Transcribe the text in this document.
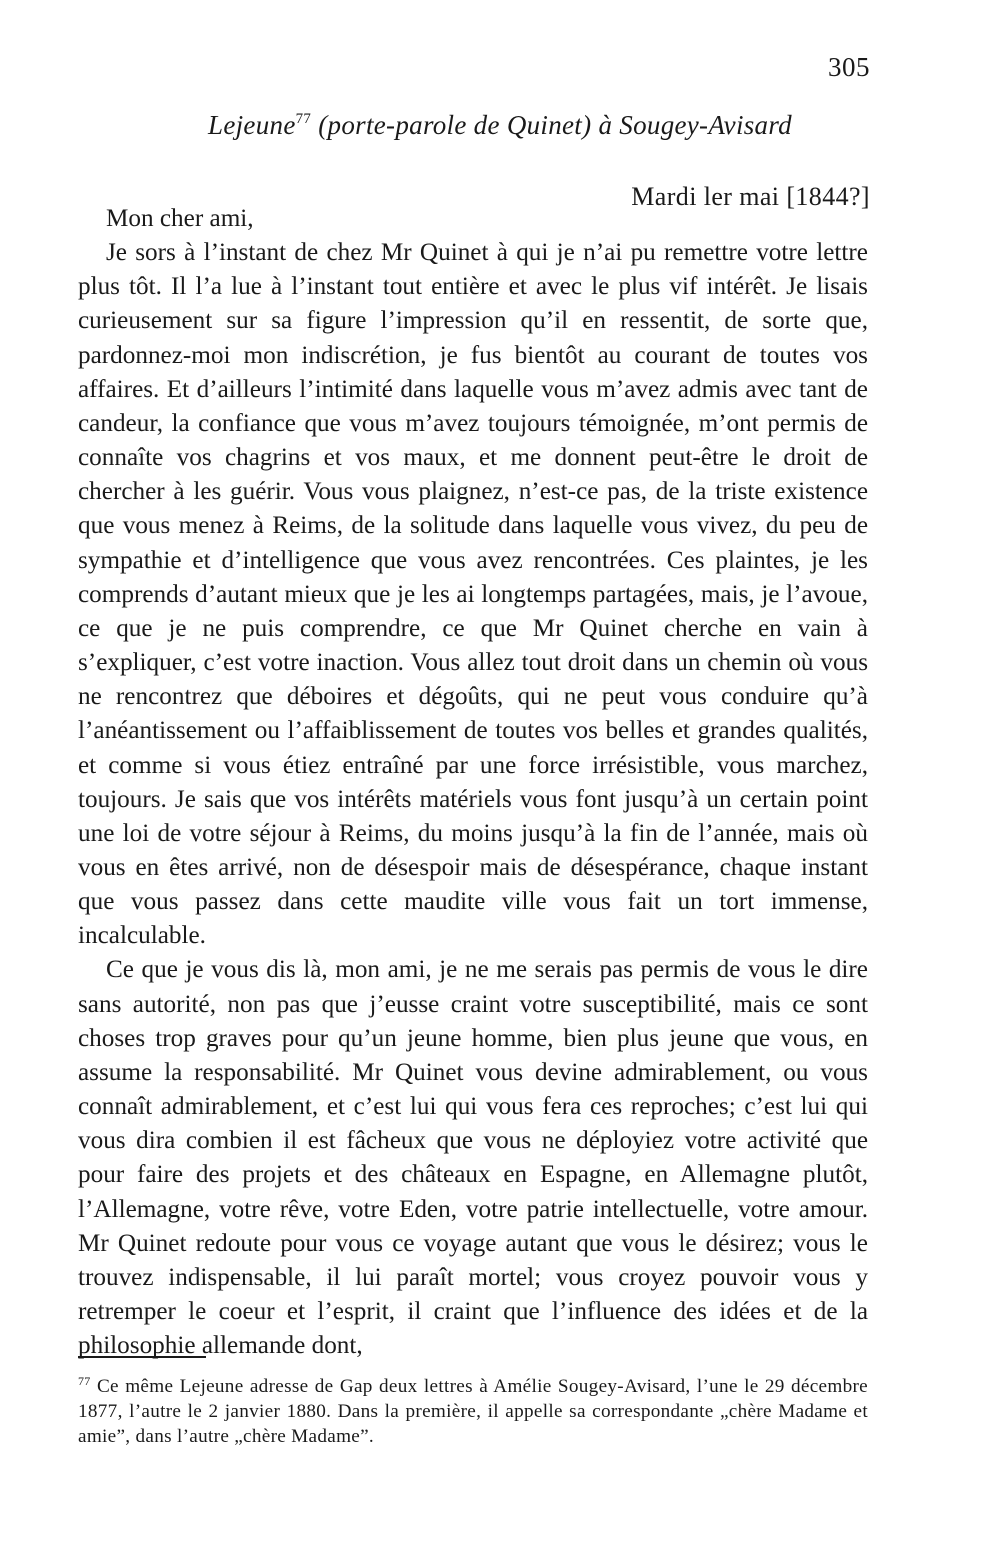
305
Lejeune$^{77}$ (porte-parole de Quinet) à Sougey-Avisard
Mardi ler mai [1844?]

Mon cher ami,

Je sors à l’instant de chez Mr Quinet à qui je n’ai pu remettre votre lettre plus tôt. Il l’a lue à l’instant tout entière et avec le plus vif intérêt. Je lisais curieusement sur sa figure l’impression qu’il en ressentit, de sorte que, pardonnez-moi mon indiscrétion, je fus bientôt au courant de toutes vos affaires. Et d’ailleurs l’intimité dans laquelle vous m’avez admis avec tant de candeur, la confiance que vous m’avez toujours témoignée, m’ont permis de connaîte vos chagrins et vos maux, et me donnent peut-être le droit de chercher à les guérir. Vous vous plaignez, n’est-ce pas, de la triste existence que vous menez à Reims, de la solitude dans laquelle vous vivez, du peu de sympathie et d’intelligence que vous avez rencontrées. Ces plaintes, je les comprends d’autant mieux que je les ai longtemps partagées, mais, je l’avoue, ce que je ne puis comprendre, ce que Mr Quinet cherche en vain à s’expliquer, c’est votre inaction. Vous allez tout droit dans un chemin où vous ne rencontrez que déboires et dégoûts, qui ne peut vous conduire qu’à l’anéantissement ou l’affaiblissement de toutes vos belles et grandes qualités, et comme si vous étiez entraîné par une force irrésistible, vous marchez, toujours. Je sais que vos intérêts matériels vous font jusqu’à un certain point une loi de votre séjour à Reims, du moins jusqu’à la fin de l’année, mais où vous en êtes arrivé, non de désespoir mais de désespérance, chaque instant que vous passez dans cette maudite ville vous fait un tort immense, incalculable.

Ce que je vous dis là, mon ami, je ne me serais pas permis de vous le dire sans autorité, non pas que j’eusse craint votre susceptibilité, mais ce sont choses trop graves pour qu’un jeune homme, bien plus jeune que vous, en assume la responsabilité. Mr Quinet vous devine admirablement, ou vous connaît admirablement, et c’est lui qui vous fera ces reproches; c’est lui qui vous dira combien il est fâcheux que vous ne déployiez votre activité que pour faire des projets et des châteaux en Espagne, en Allemagne plutôt, l’Allemagne, votre rêve, votre Eden, votre patrie intellectuelle, votre amour. Mr Quinet redoute pour vous ce voyage autant que vous le désirez; vous le trouvez indispensable, il lui paraît mortel; vous croyez pouvoir vous y retremper le coeur et l’esprit, il craint que l’influence des idées et de la philosophie allemande dont,

$^{77}$ Ce même Lejeune adresse de Gap deux lettres à Amélie Sougey-Avisard, l’une le 29 décembre 1877, l’autre le 2 janvier 1880. Dans la première, il appelle sa correspondante „chère Madame et amie”, dans l’autre „chère Madame”.
